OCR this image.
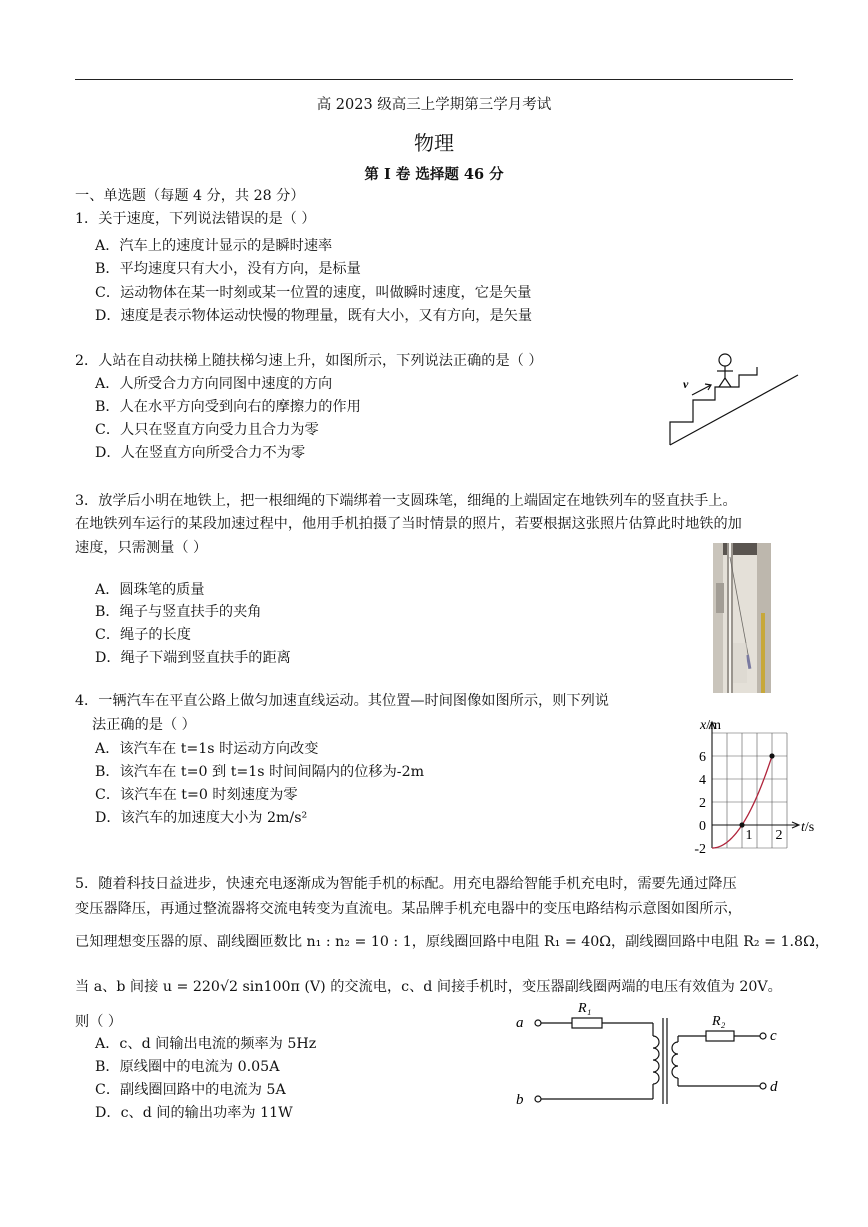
高 2023 级高三上学期第三学月考试
物理
第 I 卷 选择题 46 分
一、单选题（每题 4 分，共 28 分）
1．关于速度，下列说法错误的是（ ）
A．汽车上的速度计显示的是瞬时速率
B．平均速度只有大小，没有方向，是标量
C．运动物体在某一时刻或某一位置的速度，叫做瞬时速度，它是矢量
D．速度是表示物体运动快慢的物理量，既有大小，又有方向，是矢量
2．人站在自动扶梯上随扶梯匀速上升，如图所示，下列说法正确的是（ ）
A．人所受合力方向同图中速度的方向
B．人在水平方向受到向右的摩擦力的作用
C．人只在竖直方向受力且合力为零
D．人在竖直方向所受合力不为零
v
3．放学后小明在地铁上，把一根细绳的下端绑着一支圆珠笔，细绳的上端固定在地铁列车的竖直扶手上。
在地铁列车运行的某段加速过程中，他用手机拍摄了当时情景的照片，若要根据这张照片估算此时地铁的加
速度，只需测量（ ）
A．圆珠笔的质量
B．绳子与竖直扶手的夹角
C．绳子的长度
D．绳子下端到竖直扶手的距离
4．一辆汽车在平直公路上做匀加速直线运动。其位置—时间图像如图所示，则下列说
法正确的是（ ）
A．该汽车在 t=1s 时运动方向改变
B．该汽车在 t=0 到 t=1s 时间间隔内的位移为-2m
C．该汽车在 t=0 时刻速度为零
D．该汽车的加速度大小为 2m/s²
6
4
2
0
-2
1 2
x/m
t/s
5．随着科技日益进步，快速充电逐渐成为智能手机的标配。用充电器给智能手机充电时，需要先通过降压
变压器降压，再通过整流器将交流电转变为直流电。某品牌手机充电器中的变压电路结构示意图如图所示，
已知理想变压器的原、副线圈匝数比 n₁ : n₂ = 10 : 1，原线圈回路中电阻 R₁ = 40Ω，副线圈回路中电阻 R₂ = 1.8Ω，
当 a、b 间接 u = 220√2 sin100π (V) 的交流电，c、d 间接手机时，变压器副线圈两端的电压有效值为 20V。
则（ ）
A．c、d 间输出电流的频率为 5Hz
B．原线圈中的电流为 0.05A
C．副线圈回路中的电流为 5A
D．c、d 间的输出功率为 11W
a
b
c
d
R₁
R₂
